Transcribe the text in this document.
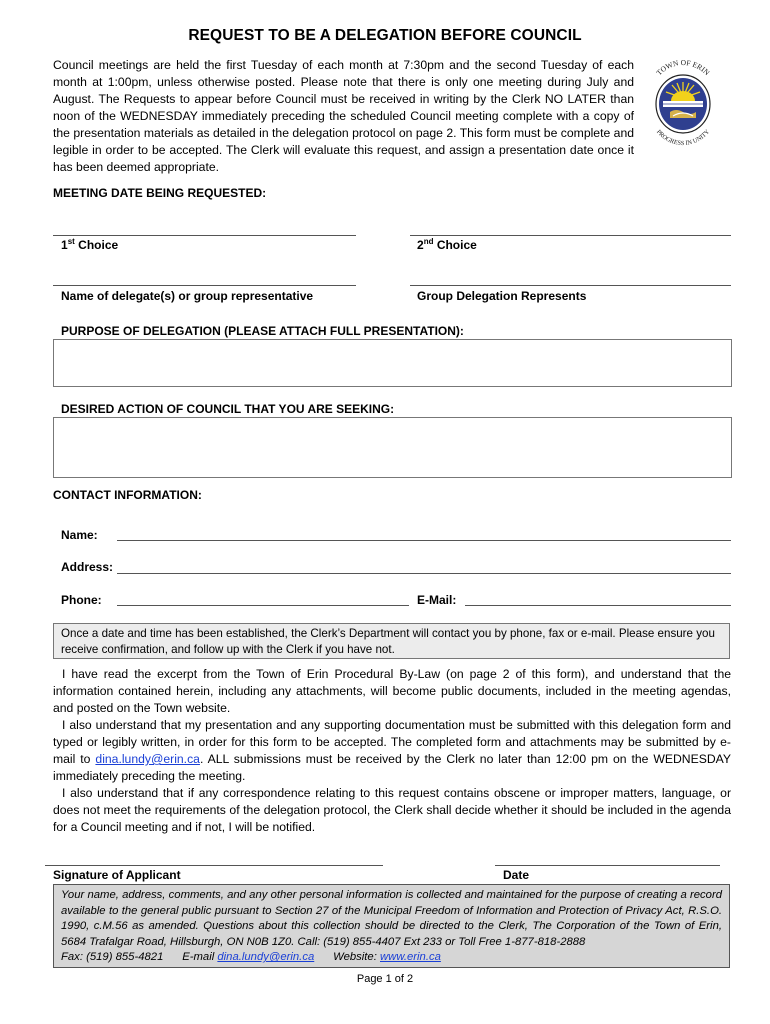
REQUEST TO BE A DELEGATION BEFORE COUNCIL
Council meetings are held the first Tuesday of each month at 7:30pm and the second Tuesday of each month at 1:00pm, unless otherwise posted. Please note that there is only one meeting during July and August. The Requests to appear before Council must be received in writing by the Clerk NO LATER than noon of the WEDNESDAY immediately preceding the scheduled Council meeting complete with a copy of the presentation materials as detailed in the delegation protocol on page 2. This form must be complete and legible in order to be accepted. The Clerk will evaluate this request, and assign a presentation date once it has been deemed appropriate.
TOWN OF ERIN
PROGRESS IN UNITY
MEETING DATE BEING REQUESTED:
1st Choice	2nd Choice
Name of delegate(s) or group representative	Group Delegation Represents
PURPOSE OF DELEGATION (PLEASE ATTACH FULL PRESENTATION):
DESIRED ACTION OF COUNCIL THAT YOU ARE SEEKING:
CONTACT INFORMATION:
Name:
Address:
Phone:	E-Mail:
Once a date and time has been established, the Clerk’s Department will contact you by phone, fax or e-mail. Please ensure you receive confirmation, and follow up with the Clerk if you have not.

I have read the excerpt from the Town of Erin Procedural By-Law (on page 2 of this form), and understand that the information contained herein, including any attachments, will become public documents, included in the meeting agendas, and posted on the Town website.

I also understand that my presentation and any supporting documentation must be submitted with this delegation form and typed or legibly written, in order for this form to be accepted. The completed form and attachments may be submitted by e-mail to dina.lundy@erin.ca. ALL submissions must be received by the Clerk no later than 12:00 pm on the WEDNESDAY immediately preceding the meeting.

I also understand that if any correspondence relating to this request contains obscene or improper matters, language, or does not meet the requirements of the delegation protocol, the Clerk shall decide whether it should be included in the agenda for a Council meeting and if not, I will be notified.

Signature of Applicant	Date
Your name, address, comments, and any other personal information is collected and maintained for the purpose of creating a record available to the general public pursuant to Section 27 of the Municipal Freedom of Information and Protection of Privacy Act, R.S.O. 1990, c.M.56 as amended. Questions about this collection should be directed to the Clerk, The Corporation of the Town of Erin, 5684 Trafalgar Road, Hillsburgh, ON N0B 1Z0. Call: (519) 855-4407 Ext 233 or Toll Free 1-877-818-2888
Fax: (519) 855-4821 E-mail dina.lundy@erin.ca Website: www.erin.ca
Page 1 of 2
